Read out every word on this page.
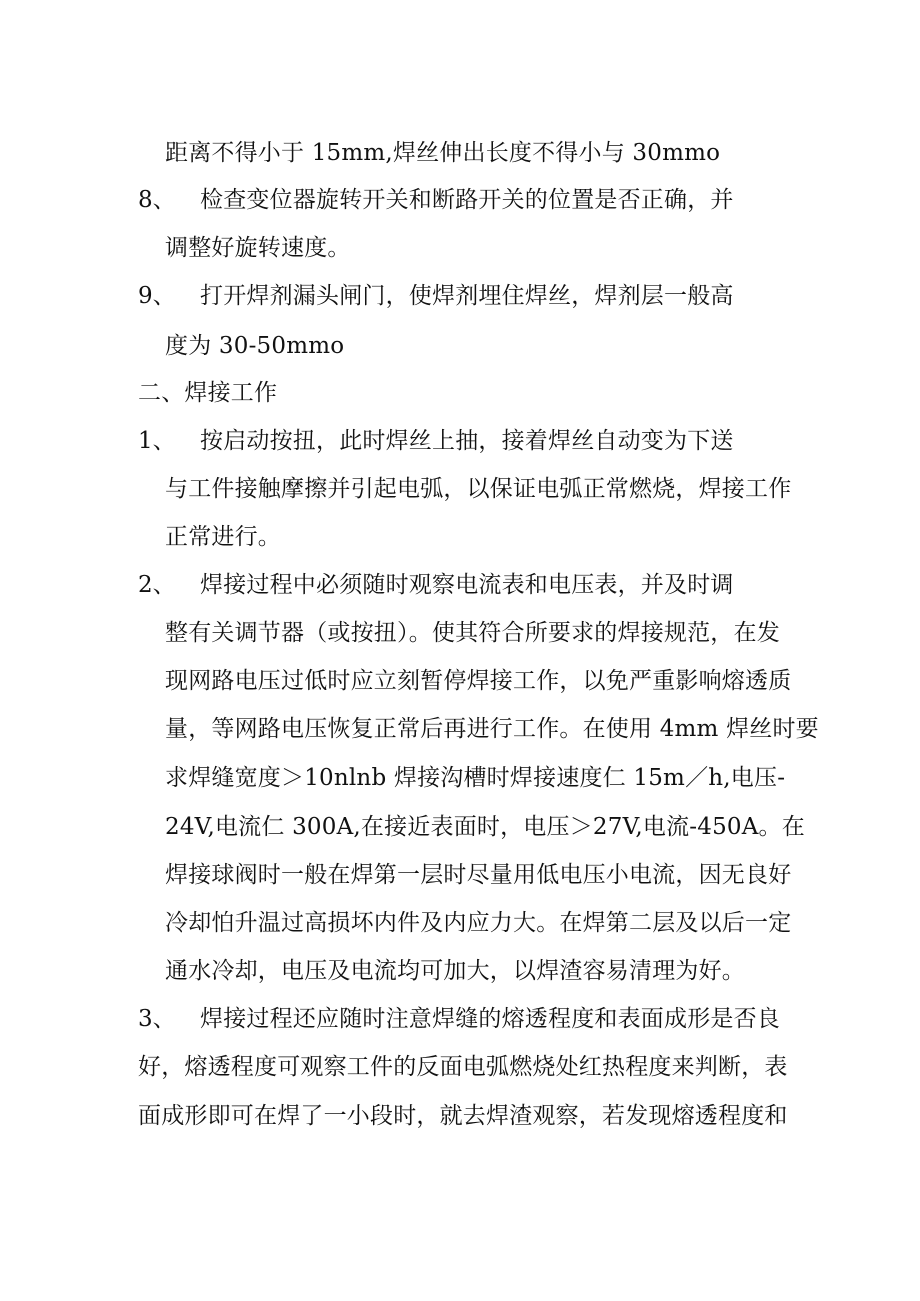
距离不得小于 15mm,焊丝伸出长度不得小与 30mmo
8、 检查变位器旋转开关和断路开关的位置是否正确，并
调整好旋转速度。
9、 打开焊剂漏头闸门，使焊剂埋住焊丝，焊剂层一般高
度为 30-50mmo
二、焊接工作
1、 按启动按扭，此时焊丝上抽，接着焊丝自动变为下送
与工件接触摩擦并引起电弧，以保证电弧正常燃烧，焊接工作
正常进行。
2、 焊接过程中必须随时观察电流表和电压表，并及时调
整有关调节器（或按扭）。使其符合所要求的焊接规范，在发
现网路电压过低时应立刻暂停焊接工作，以免严重影响熔透质
量，等网路电压恢复正常后再进行工作。在使用 4mm 焊丝时要
求焊缝宽度＞10nlnb 焊接沟槽时焊接速度仁 15m／h,电压-
24V,电流仁 300A,在接近表面时，电压＞27V,电流-450A。在
焊接球阀时一般在焊第一层时尽量用低电压小电流，因无良好
冷却怕升温过高损坏内件及内应力大。在焊第二层及以后一定
通水冷却，电压及电流均可加大，以焊渣容易清理为好。
3、 焊接过程还应随时注意焊缝的熔透程度和表面成形是否良
好，熔透程度可观察工件的反面电弧燃烧处红热程度来判断，表
面成形即可在焊了一小段时，就去焊渣观察，若发现熔透程度和
